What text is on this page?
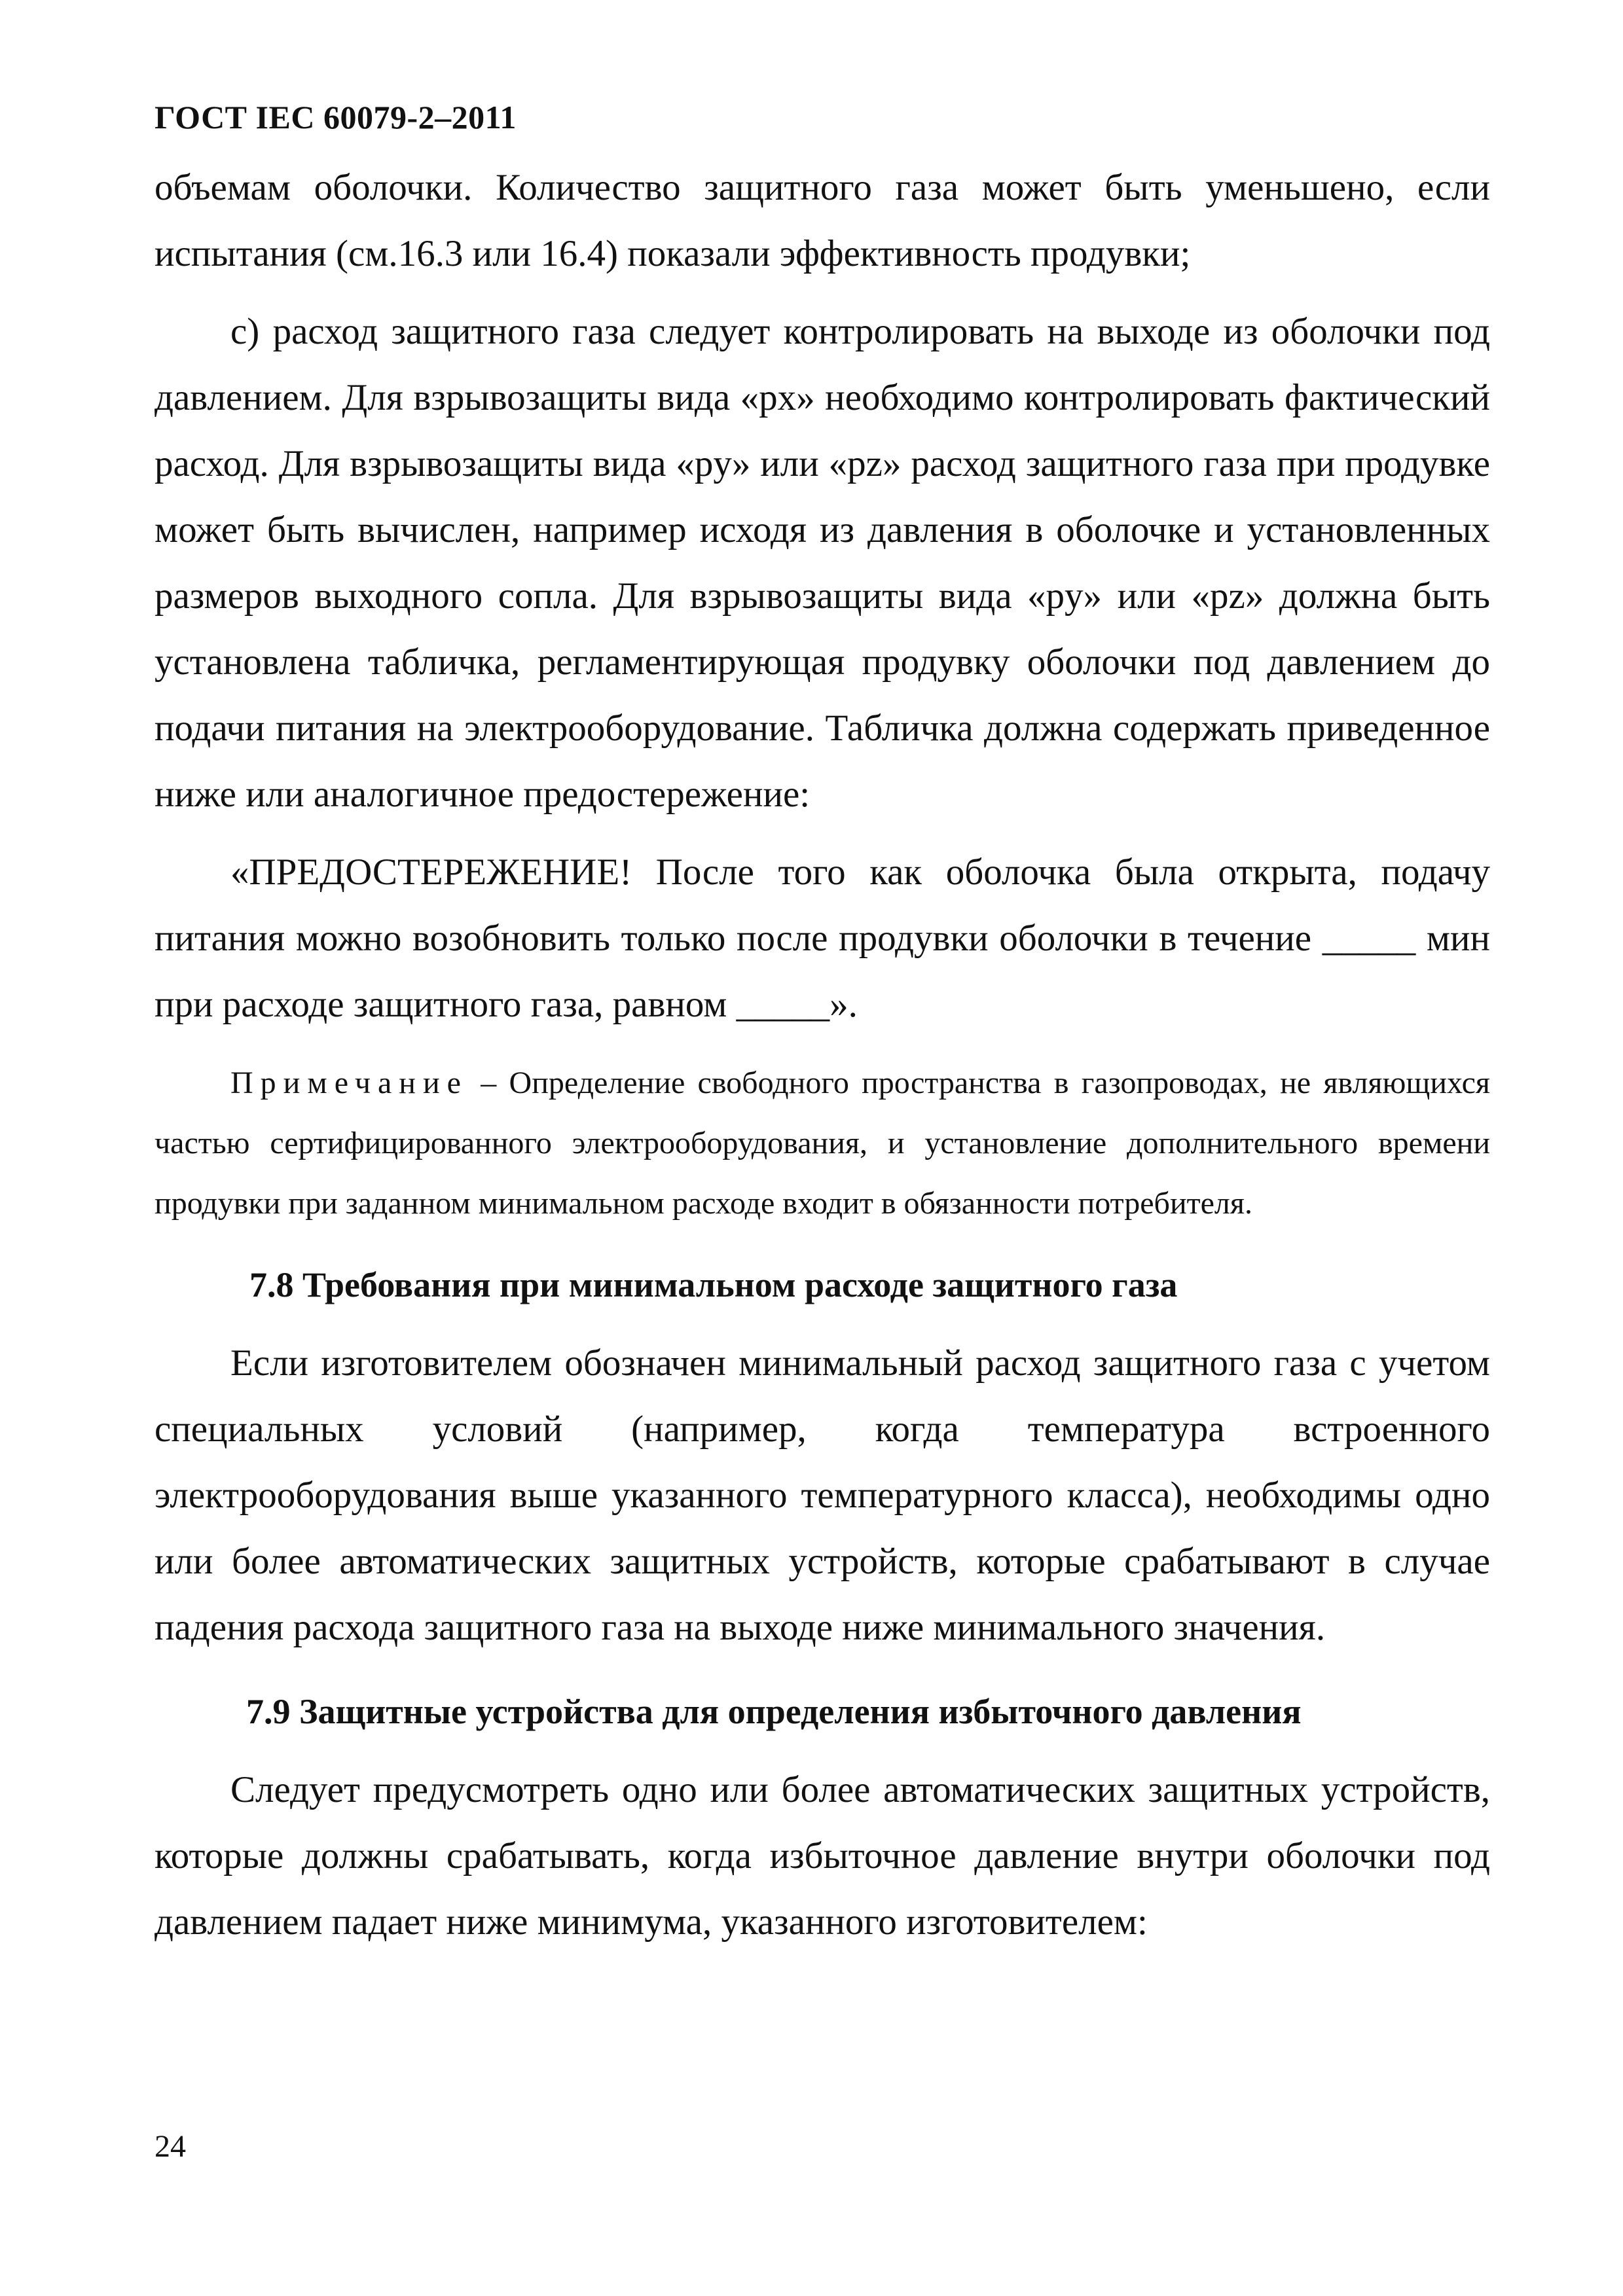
ГОСТ IEC 60079-2–2011

объемам оболочки. Количество защитного газа может быть уменьшено, если испытания (см.16.3 или 16.4) показали эффективность продувки;

с) расход защитного газа следует контролировать на выходе из оболочки под давлением. Для взрывозащиты вида «px» необходимо контролировать фактический расход. Для взрывозащиты вида «py» или «pz» расход защитного газа при продувке может быть вычислен, например исходя из давления в оболочке и установленных размеров выходного сопла. Для взрывозащиты вида «py» или «pz» должна быть установлена табличка, регламентирующая продувку оболочки под давлением до подачи питания на электрооборудование. Табличка должна содержать приведенное ниже или аналогичное предостережение:

«ПРЕДОСТЕРЕЖЕНИЕ! После того как оболочка была открыта, подачу питания можно возобновить только после продувки оболочки в течение _____ мин при расходе защитного газа, равном _____».

Примечание – Определение свободного пространства в газопроводах, не являющихся частью сертифицированного электрооборудования, и установление дополнительного времени продувки при заданном минимальном расходе входит в обязанности потребителя.

7.8 Требования при минимальном расходе защитного газа

Если изготовителем обозначен минимальный расход защитного газа с учетом специальных условий (например, когда температура встроенного электрооборудования выше указанного температурного класса), необходимы одно или более автоматических защитных устройств, которые срабатывают в случае падения расхода защитного газа на выходе ниже минимального значения.

7.9 Защитные устройства для определения избыточного давления

Следует предусмотреть одно или более автоматических защитных устройств, которые должны срабатывать, когда избыточное давление внутри оболочки под давлением падает ниже минимума, указанного изготовителем:

24
